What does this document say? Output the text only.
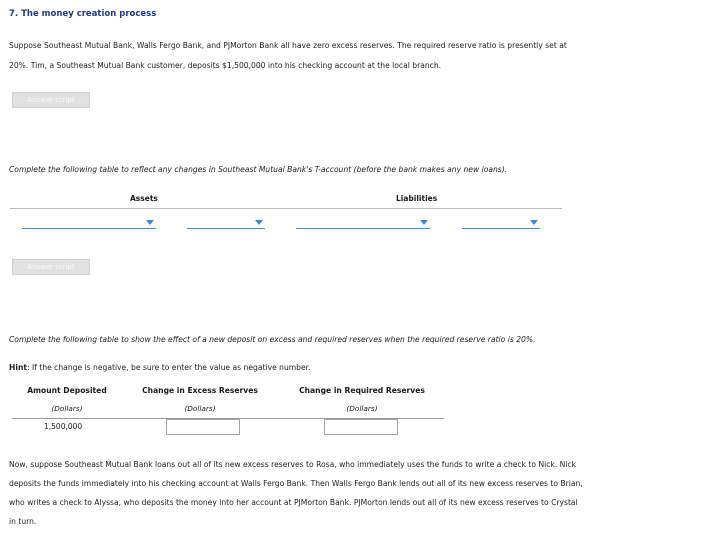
7. The money creation process
Suppose Southeast Mutual Bank, Walls Fergo Bank, and PJMorton Bank all have zero excess reserves. The required reserve ratio is presently set at
20%. Tim, a Southeast Mutual Bank customer, deposits $1,500,000 into his checking account at the local branch.
Answer script
Complete the following table to reflect any changes in Southeast Mutual Bank's T-account (before the bank makes any new loans).
Assets	Liabilities
Answer script
Complete the following table to show the effect of a new deposit on excess and required reserves when the required reserve ratio is 20%.
Hint: If the change is negative, be sure to enter the value as negative number.
Amount Deposited	Change in Excess Reserves	Change in Required Reserves
(Dollars)	(Dollars)	(Dollars)
1,500,000
Now, suppose Southeast Mutual Bank loans out all of its new excess reserves to Rosa, who immediately uses the funds to write a check to Nick. Nick
deposits the funds immediately into his checking account at Walls Fergo Bank. Then Walls Fergo Bank lends out all of its new excess reserves to Brian,
who writes a check to Alyssa, who deposits the money into her account at PJMorton Bank. PJMorton lends out all of its new excess reserves to Crystal
in turn.
